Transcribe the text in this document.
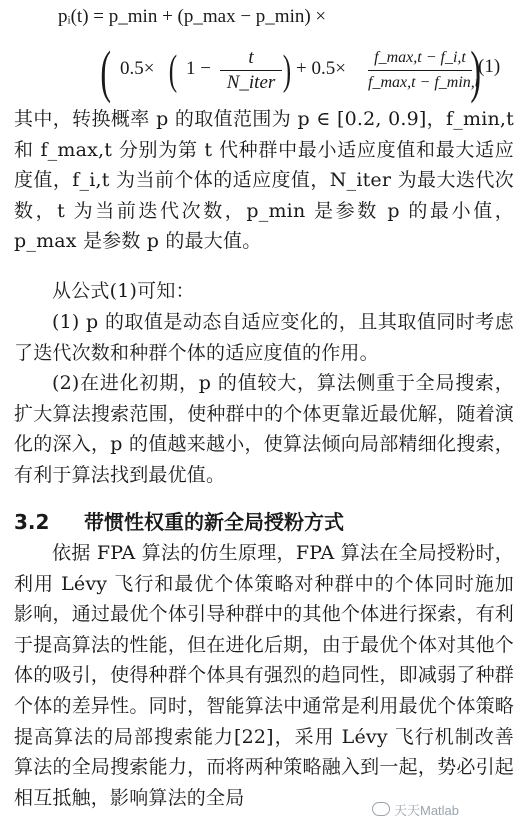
pᵢ(t) = p_min + (p_max − p_min) ×
( 0.5× ( 1 −
t
N_iter ) + 0.5×
f_max,t − f_i,t
f_max,t − f_min,t
)
(1)
其中，转换概率 p 的取值范围为 p ∈ [0.2, 0.9]，f_min,t 和 f_max,t 分别为第 t 代种群中最小适应度值和最大适应度值，f_i,t 为当前个体的适应度值，N_iter 为最大迭代次数，t 为当前迭代次数，p_min 是参数 p 的最小值，p_max 是参数 p 的最大值。
从公式(1)可知：
(1) p 的取值是动态自适应变化的，且其取值同时考虑了迭代次数和种群个体的适应度值的作用。
(2)在进化初期，p 的值较大，算法侧重于全局搜索，扩大算法搜索范围，使种群中的个体更靠近最优解，随着演化的深入，p 的值越来越小，使算法倾向局部精细化搜索，有利于算法找到最优值。
3.2 带惯性权重的新全局授粉方式
依据 FPA 算法的仿生原理，FPA 算法在全局授粉时，利用 Lévy 飞行和最优个体策略对种群中的个体同时施加影响，通过最优个体引导种群中的其他个体进行探索，有利于提高算法的性能，但在进化后期，由于最优个体对其他个体的吸引，使得种群个体具有强烈的趋同性，即减弱了种群个体的差异性。同时，智能算法中通常是利用最优个体策略提高算法的局部搜索能力[22]，采用 Lévy 飞行机制改善算法的全局搜索能力，而将两种策略融入到一起，势必引起相互抵触，影响算法的全局
天天Matlab
